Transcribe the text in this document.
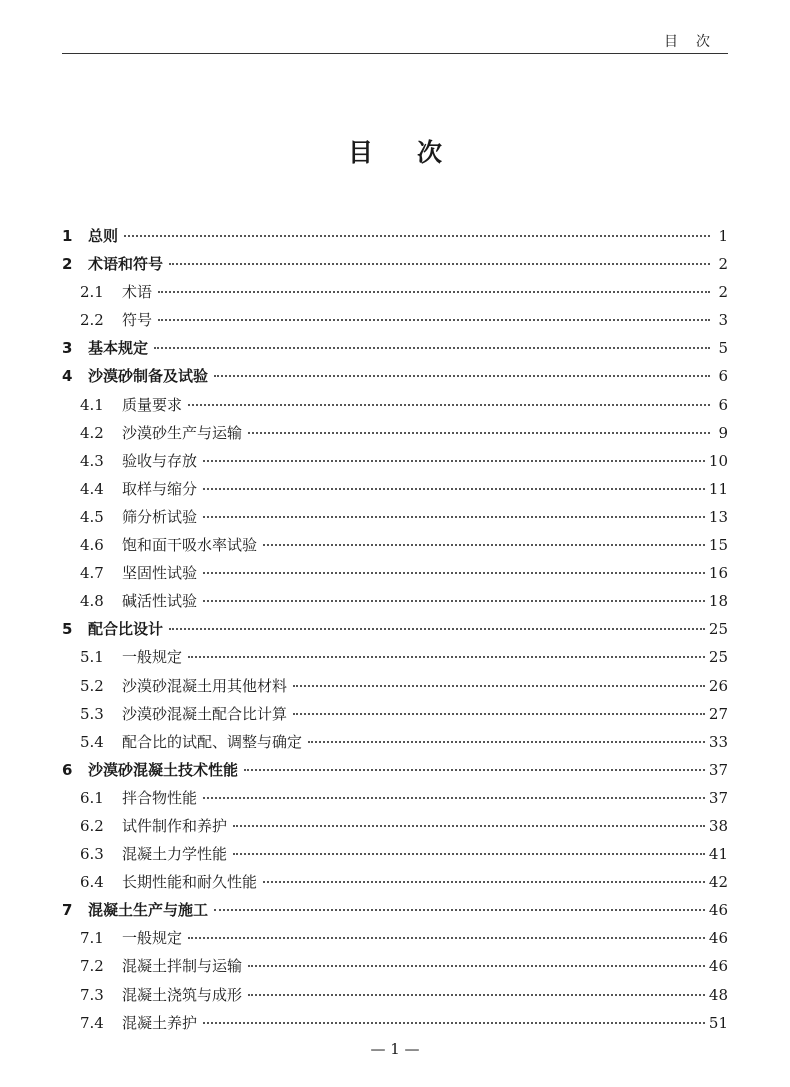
目次
目次
1	总则	1
2	术语和符号	2
2.1	术语	2
2.2	符号	3
3	基本规定	5
4	沙漠砂制备及试验	6
4.1	质量要求	6
4.2	沙漠砂生产与运输	9
4.3	验收与存放	10
4.4	取样与缩分	11
4.5	筛分析试验	13
4.6	饱和面干吸水率试验	15
4.7	坚固性试验	16
4.8	碱活性试验	18
5	配合比设计	25
5.1	一般规定	25
5.2	沙漠砂混凝土用其他材料	26
5.3	沙漠砂混凝土配合比计算	27
5.4	配合比的试配、调整与确定	33
6	沙漠砂混凝土技术性能	37
6.1	拌合物性能	37
6.2	试件制作和养护	38
6.3	混凝土力学性能	41
6.4	长期性能和耐久性能	42
7	混凝土生产与施工	46
7.1	一般规定	46
7.2	混凝土拌制与运输	46
7.3	混凝土浇筑与成形	48
7.4	混凝土养护	51
— 1 —
